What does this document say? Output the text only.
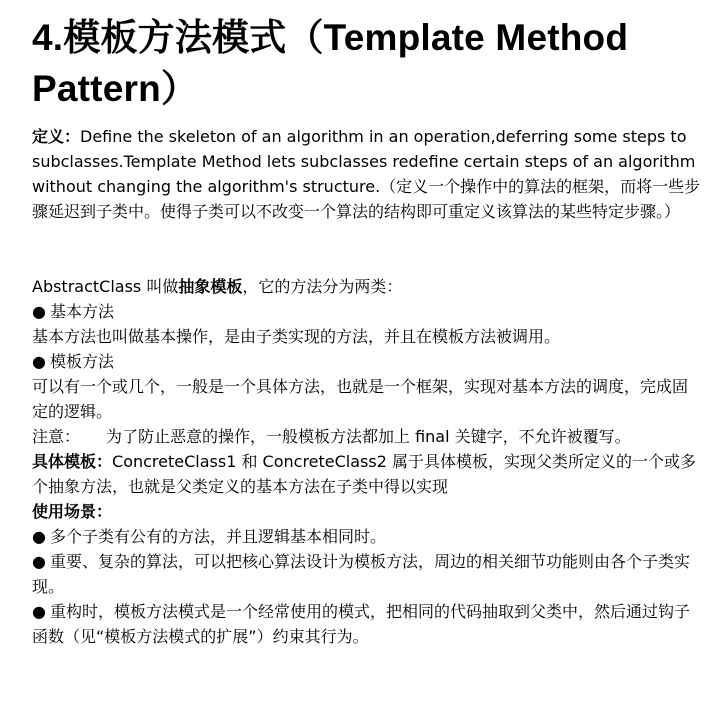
4.模板方法模式（Template Method Pattern）

定义：Define the skeleton of an algorithm in an operation,deferring some steps to subclasses.Template Method lets subclasses redefine certain steps of an algorithm without changing the algorithm's structure.（定义一个操作中的算法的框架，而将一些步骤延迟到子类中。使得子类可以不改变一个算法的结构即可重定义该算法的某些特定步骤。）

AbstractClass 叫做抽象模板，它的方法分为两类：

● 基本方法

基本方法也叫做基本操作，是由子类实现的方法，并且在模板方法被调用。

● 模板方法

可以有一个或几个，一般是一个具体方法，也就是一个框架，实现对基本方法的调度，完成固定的逻辑。

注意： 为了防止恶意的操作，一般模板方法都加上 final 关键字，不允许被覆写。

具体模板：ConcreteClass1 和 ConcreteClass2 属于具体模板，实现父类所定义的一个或多个抽象方法，也就是父类定义的基本方法在子类中得以实现

使用场景：

● 多个子类有公有的方法，并且逻辑基本相同时。

● 重要、复杂的算法，可以把核心算法设计为模板方法，周边的相关细节功能则由各个子类实现。

● 重构时，模板方法模式是一个经常使用的模式，把相同的代码抽取到父类中，然后通过钩子函数（见“模板方法模式的扩展”）约束其行为。
